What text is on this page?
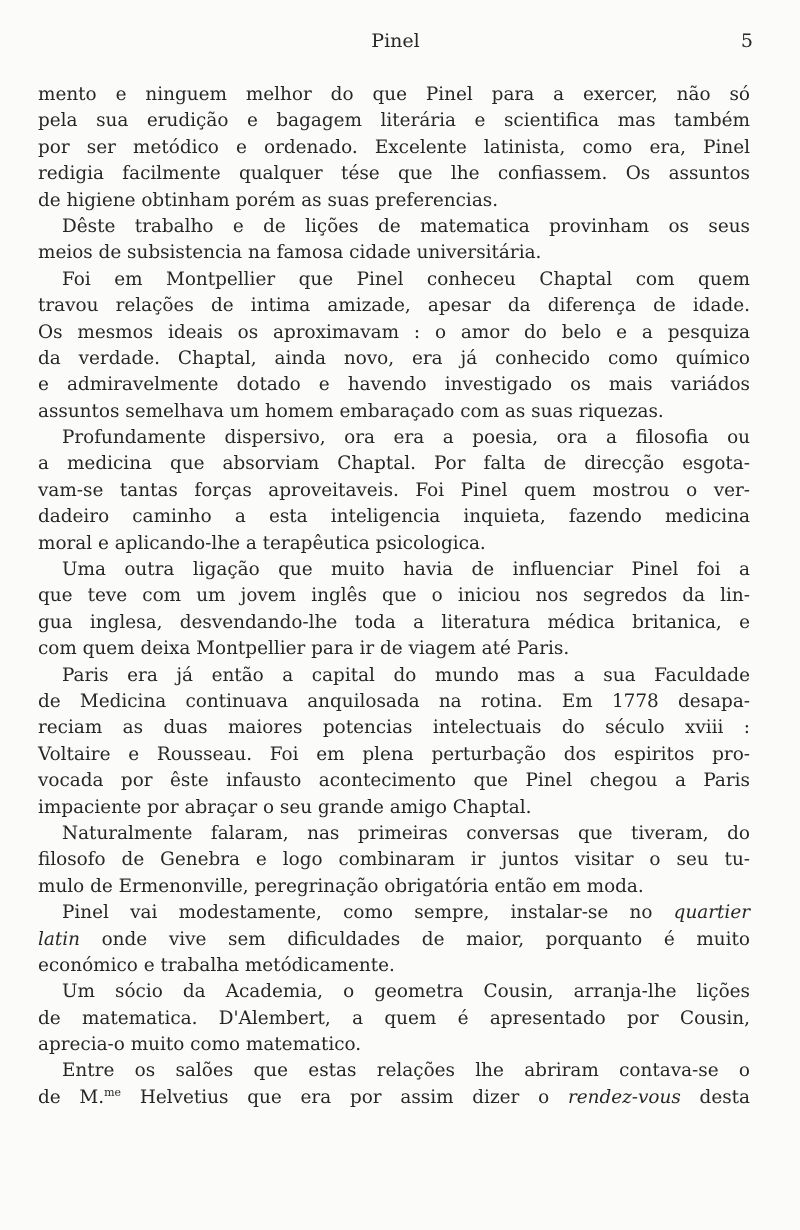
Pinel	5
mento e ninguem melhor do que Pinel para a exercer, não só
pela sua erudição e bagagem literária e scientifica mas também
por ser metódico e ordenado. Excelente latinista, como era, Pinel
redigia facilmente qualquer tése que lhe confiassem. Os assuntos
de higiene obtinham porém as suas preferencias.
Dêste trabalho e de lições de matematica provinham os seus
meios de subsistencia na famosa cidade universitária.
Foi em Montpellier que Pinel conheceu Chaptal com quem
travou relações de intima amizade, apesar da diferença de idade.
Os mesmos ideais os aproximavam : o amor do belo e a pesquiza
da verdade. Chaptal, ainda novo, era já conhecido como químico
e admiravelmente dotado e havendo investigado os mais variádos
assuntos semelhava um homem embaraçado com as suas riquezas.
Profundamente dispersivo, ora era a poesia, ora a filosofia ou
a medicina que absorviam Chaptal. Por falta de direcção esgota-
vam-se tantas forças aproveitaveis. Foi Pinel quem mostrou o ver-
dadeiro caminho a esta inteligencia inquieta, fazendo medicina
moral e aplicando-lhe a terapêutica psicologica.
Uma outra ligação que muito havia de influenciar Pinel foi a
que teve com um jovem inglês que o iniciou nos segredos da lin-
gua inglesa, desvendando-lhe toda a literatura médica britanica, e
com quem deixa Montpellier para ir de viagem até Paris.
Paris era já então a capital do mundo mas a sua Faculdade
de Medicina continuava anquilosada na rotina. Em 1778 desapa-
reciam as duas maiores potencias intelectuais do século xviii :
Voltaire e Rousseau. Foi em plena perturbação dos espiritos pro-
vocada por êste infausto acontecimento que Pinel chegou a Paris
impaciente por abraçar o seu grande amigo Chaptal.
Naturalmente falaram, nas primeiras conversas que tiveram, do
filosofo de Genebra e logo combinaram ir juntos visitar o seu tu-
mulo de Ermenonville, peregrinação obrigatória então em moda.
Pinel vai modestamente, como sempre, instalar-se no quartier
latin onde vive sem dificuldades de maior, porquanto é muito
económico e trabalha metódicamente.
Um sócio da Academia, o geometra Cousin, arranja-lhe lições
de matematica. D'Alembert, a quem é apresentado por Cousin,
aprecia-o muito como matematico.
Entre os salões que estas relações lhe abriram contava-se o
de M.$^{me}$ Helvetius que era por assim dizer o rendez-vous desta
